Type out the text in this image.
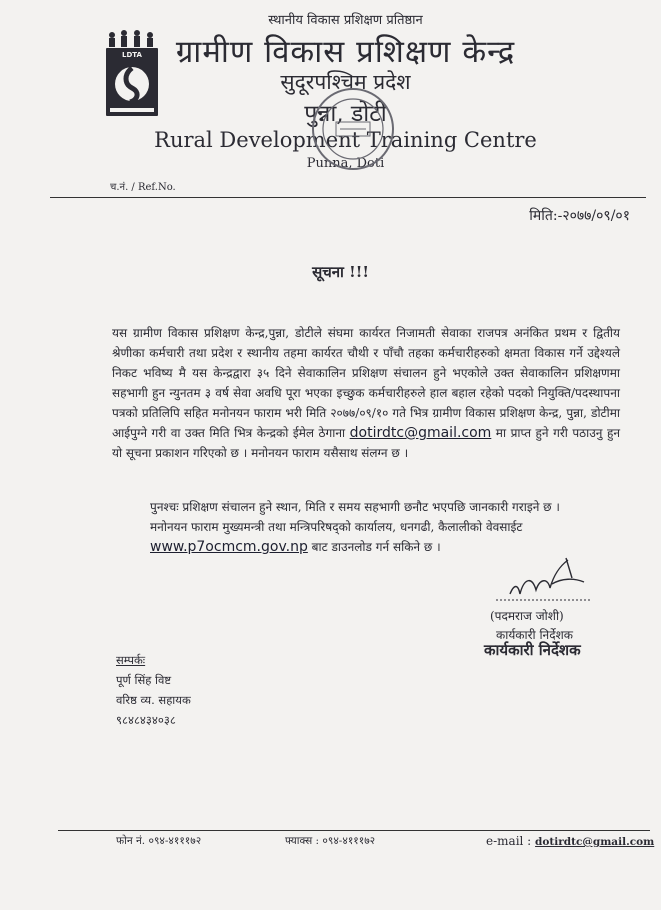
LDTA
स्थानीय विकास प्रशिक्षण प्रतिष्ठान
ग्रामीण विकास प्रशिक्षण केन्द्र
सुदूरपश्चिम प्रदेश
पुन्ना, डोटी
Rural Development Training Centre
Punna, Doti
च.नं. / Ref.No.
मिति:-२०७७/०९/०१
सूचना !!!
यस ग्रामीण विकास प्रशिक्षण केन्द्र,पुन्ना, डोटीले संघमा कार्यरत निजामती सेवाका राजपत्र अनंकित प्रथम र द्वितीय श्रेणीका कर्मचारी तथा प्रदेश र स्थानीय तहमा कार्यरत चौथी र पाँचौ तहका कर्मचारीहरुको क्षमता विकास गर्ने उद्देश्यले निकट भविष्य मै यस केन्द्रद्वारा ३५ दिने सेवाकालिन प्रशिक्षण संचालन हुने भएकोले उक्त सेवाकालिन प्रशिक्षणमा सहभागी हुन न्युनतम ३ वर्ष सेवा अवधि पूरा भएका इच्छुक कर्मचारीहरुले हाल बहाल रहेको पदको नियुक्ति/पदस्थापना पत्रको प्रतिलिपि सहित मनोनयन फाराम भरी मिति २०७७/०९/१० गते भित्र ग्रामीण विकास प्रशिक्षण केन्द्र, पुन्ना, डोटीमा आईपुग्ने गरी वा उक्त मिति भित्र केन्द्रको ईमेल ठेगाना dotirdtc@gmail.com मा प्राप्त हुने गरी पठाउनु हुन यो सूचना प्रकाशन गरिएको छ । मनोनयन फाराम यसैसाथ संलग्न छ ।
पुनश्चः प्रशिक्षण संचालन हुने स्थान, मिति र समय सहभागी छनौट भएपछि जानकारी गराइने छ ।
मनोनयन फाराम मुख्यमन्त्री तथा मन्त्रिपरिषद्को कार्यालय, धनगढी, कैलालीको वेवसाईट
www.p7ocmcm.gov.np बाट डाउनलोड गर्न सकिने छ ।
(पदमराज जोशी)
कार्यकारी निर्देशक
कार्यकारी निर्देशक
सम्पर्कः
पूर्ण सिंह विष्ट
वरिष्ठ व्य. सहायक
९८४८४३४०३८
फोन नं. ०९४-४१११७२	फ्याक्स : ०९४-४१११७२	e-mail : dotirdtc@gmail.com
